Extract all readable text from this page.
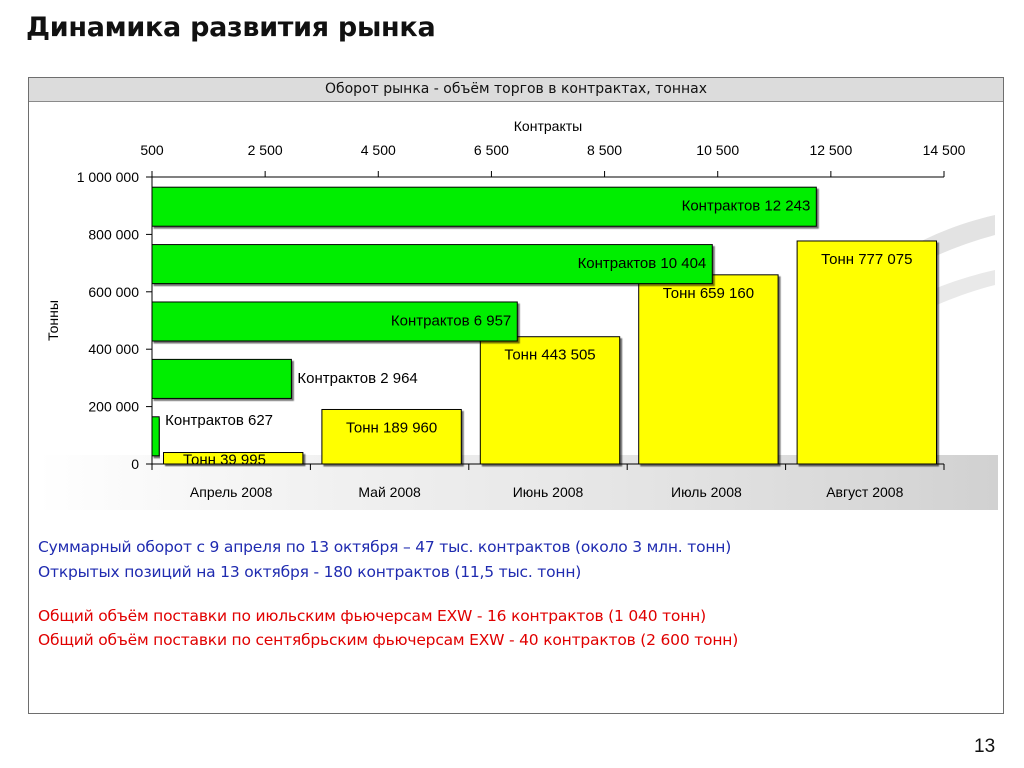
Динамика развития рынка
Оборот рынка - объём торгов в контрактах, тоннах
0
200 000
400 000
600 000
800 000
1 000 000
Тонны
Апрель 2008	Май 2008	Июнь 2008	Июль 2008	Август 2008
500	2 500	4 500	6 500	8 500	10 500	12 500	14 500
Контракты
Тонн 189 960
Тонн 443 505
Тонн 659 160
Тонн 777 075
Контрактов 627
Контрактов 2 964
Контрактов 6 957
Контрактов 10 404
Контрактов 12 243
Тонн 39 995
Суммарный оборот с 9 апреля по 13 октября – 47 тыс. контрактов (около 3 млн. тонн)
Открытых позиций на 13 октября - 180 контрактов (11,5 тыс. тонн)
Общий объём поставки по июльским фьючерсам EXW - 16 контрактов (1 040 тонн)
Общий объём поставки по сентябрьским фьючерсам EXW - 40 контрактов (2 600 тонн)
13
